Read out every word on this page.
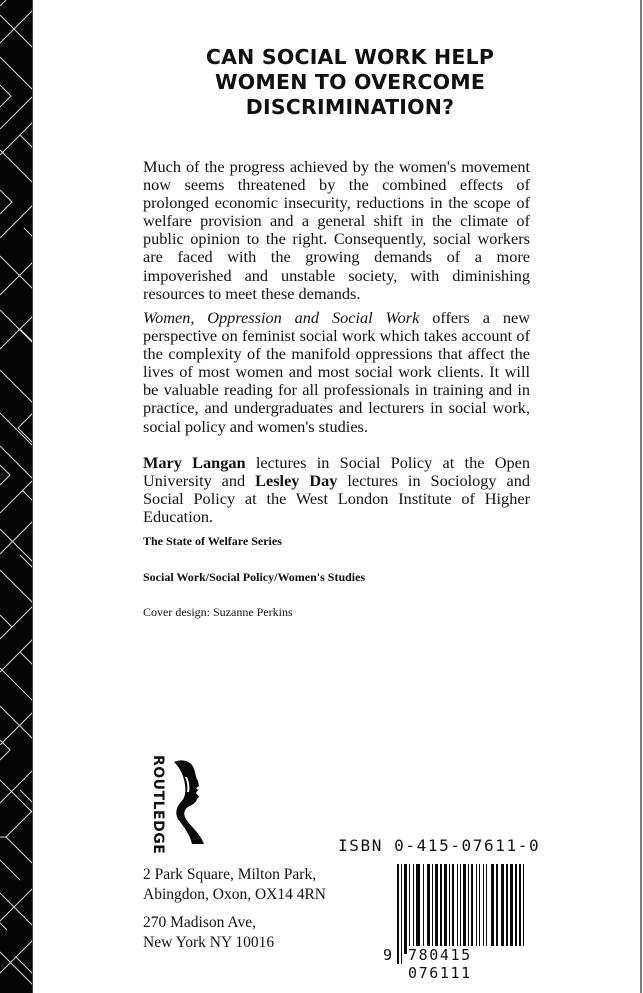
CAN SOCIAL WORK HELP
WOMEN TO OVERCOME
DISCRIMINATION?

Much of the progress achieved by the women's movement now seems threatened by the combined effects of prolonged economic insecurity, reductions in the scope of welfare provision and a general shift in the climate of public opinion to the right. Consequently, social workers are faced with the growing demands of a more impoverished and unstable society, with diminishing resources to meet these demands.

Women, Oppression and Social Work offers a new perspective on feminist social work which takes account of the complexity of the manifold oppressions that affect the lives of most women and most social work clients. It will be valuable reading for all professionals in training and in practice, and undergraduates and lecturers in social work, social policy and women's studies.

Mary Langan lectures in Social Policy at the Open University and Lesley Day lectures in Sociology and Social Policy at the West London Institute of Higher Education.

The State of Welfare Series
Social Work/Social Policy/Women's Studies
Cover design: Suzanne Perkins
ROUTLEDGE
2 Park Square, Milton Park,
Abingdon, Oxon, OX14 4RN
270 Madison Ave,
New York NY 10016
ISBN 0-415-07611-0
9 780415 076111
